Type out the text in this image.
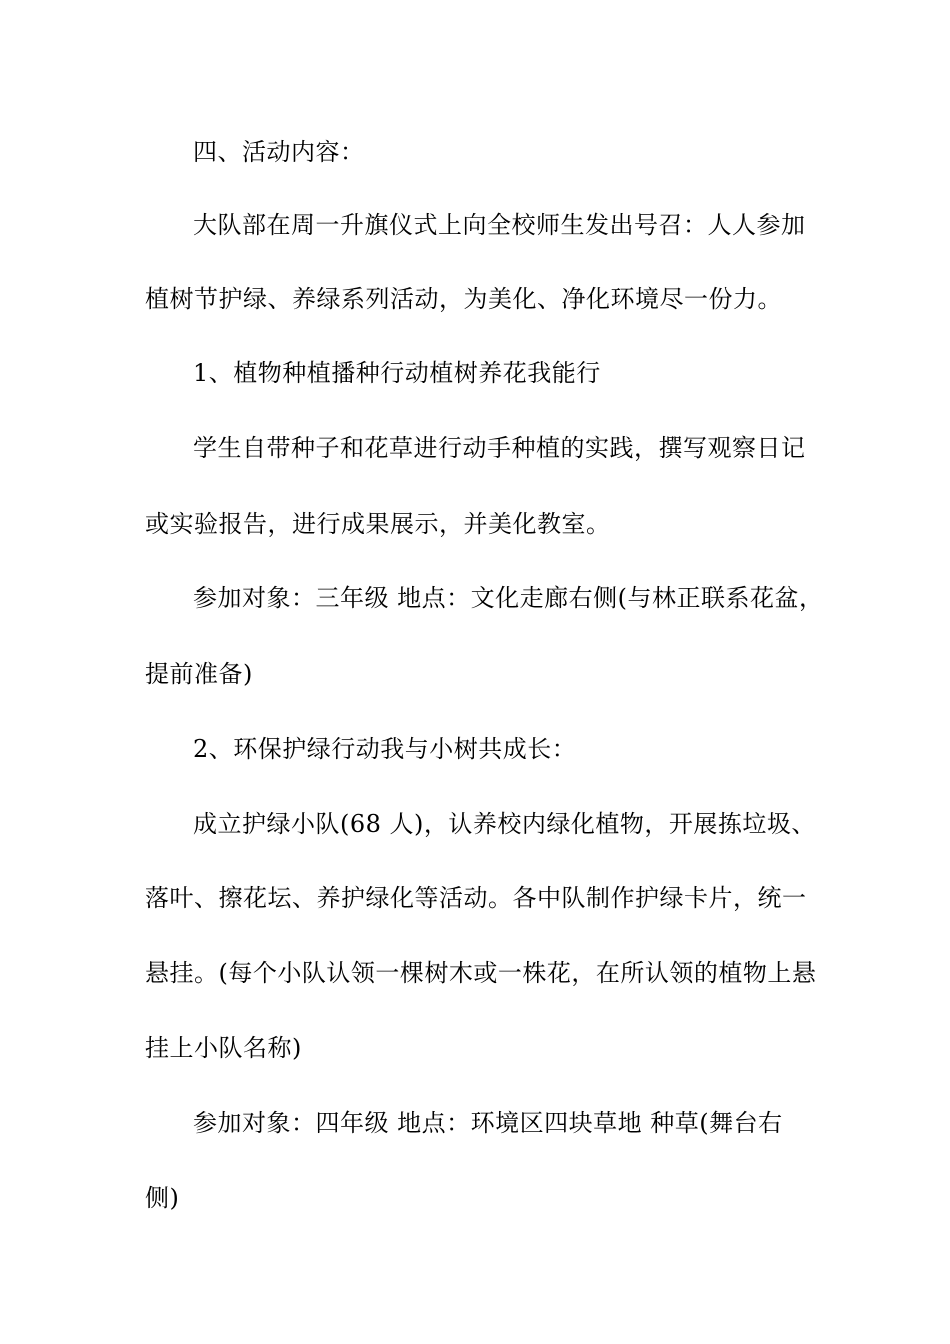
四、活动内容：
大队部在周一升旗仪式上向全校师生发出号召：人人参加
植树节护绿、养绿系列活动，为美化、净化环境尽一份力。
1、植物种植播种行动植树养花我能行
学生自带种子和花草进行动手种植的实践，撰写观察日记
或实验报告，进行成果展示，并美化教室。
参加对象：三年级 地点：文化走廊右侧(与林正联系花盆，
提前准备)
2、环保护绿行动我与小树共成长：
成立护绿小队(68 人)，认养校内绿化植物，开展拣垃圾、
落叶、擦花坛、养护绿化等活动。各中队制作护绿卡片，统一
悬挂。(每个小队认领一棵树木或一株花，在所认领的植物上悬
挂上小队名称)
参加对象：四年级 地点：环境区四块草地 种草(舞台右
侧)
